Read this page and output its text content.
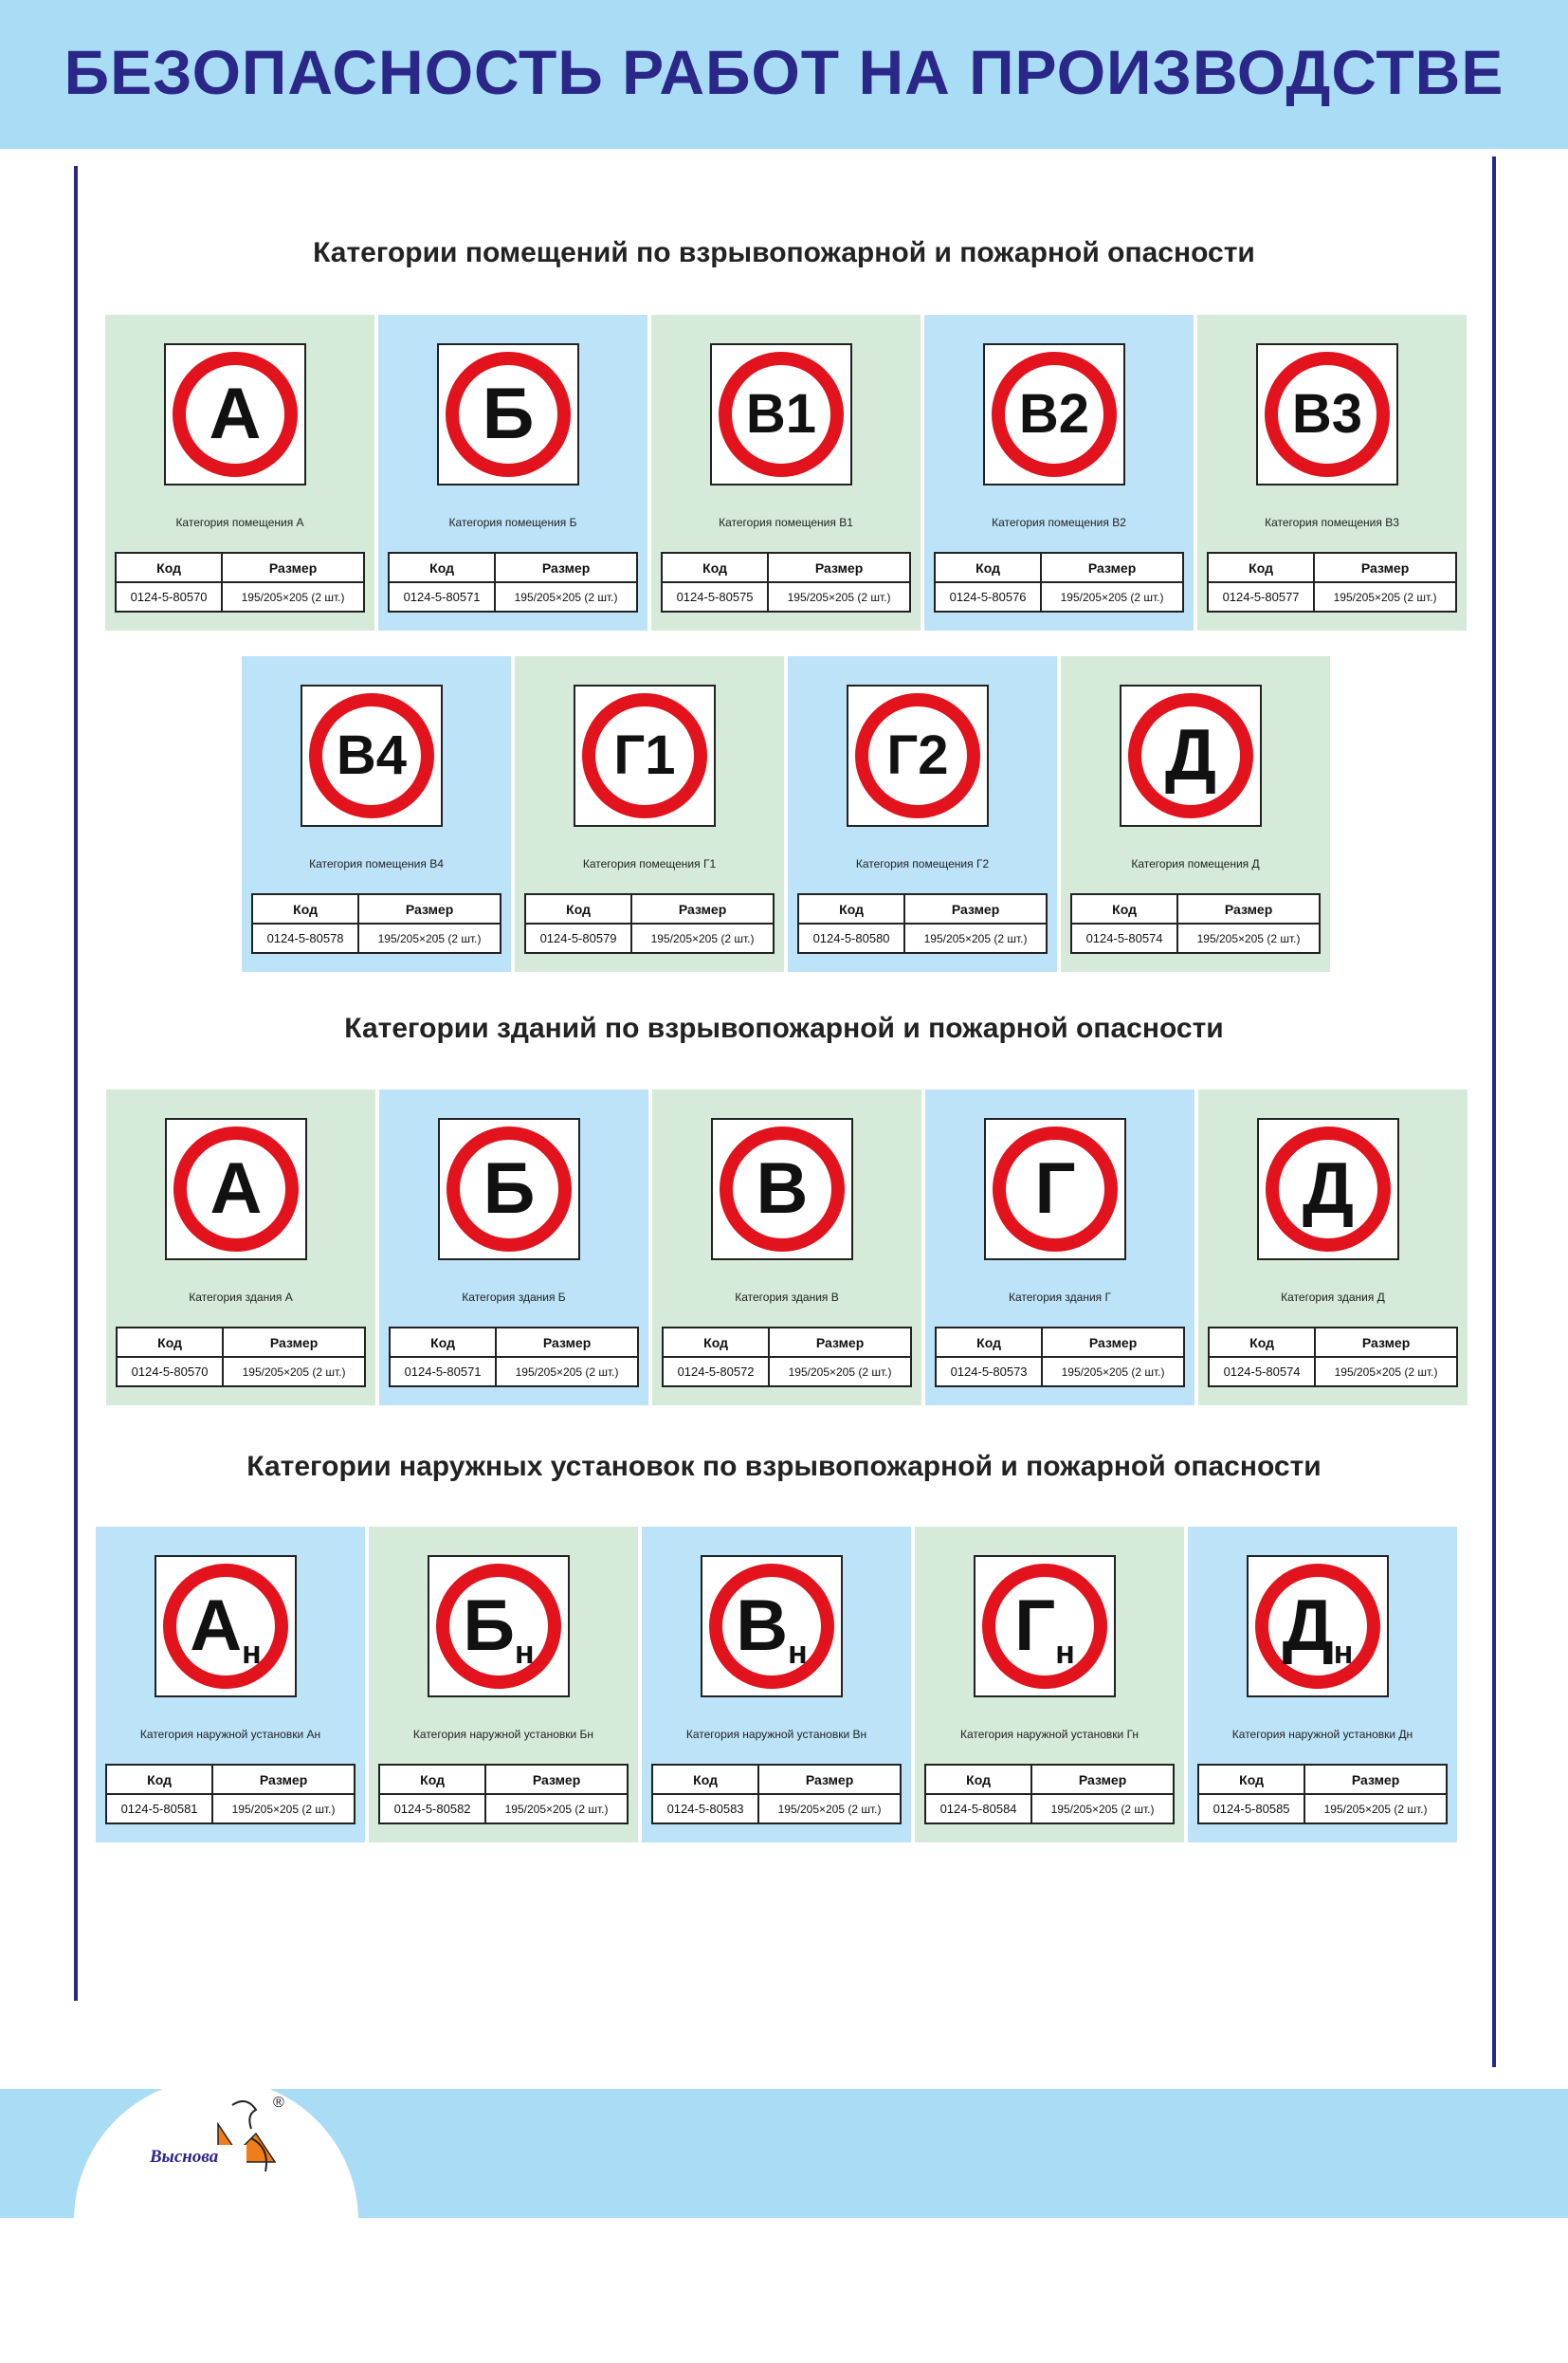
БЕЗОПАСНОСТЬ РАБОТ НА ПРОИЗВОДСТВЕ
Категории помещений по взрывопожарной и пожарной опасности
А
Категория помещения А
Код	Размер
0124-5-80570	195/205×205 (2 шт.)
Б
Категория помещения Б
Код	Размер
0124-5-80571	195/205×205 (2 шт.)
В1
Категория помещения В1
Код	Размер
0124-5-80575	195/205×205 (2 шт.)
В2
Категория помещения В2
Код	Размер
0124-5-80576	195/205×205 (2 шт.)
В3
Категория помещения В3
Код	Размер
0124-5-80577	195/205×205 (2 шт.)
В4
Категория помещения В4
Код	Размер
0124-5-80578	195/205×205 (2 шт.)
Г1
Категория помещения Г1
Код	Размер
0124-5-80579	195/205×205 (2 шт.)
Г2
Категория помещения Г2
Код	Размер
0124-5-80580	195/205×205 (2 шт.)
Д
Категория помещения Д
Код	Размер
0124-5-80574	195/205×205 (2 шт.)
Категории зданий по взрывопожарной и пожарной опасности
А
Категория здания А
Код	Размер
0124-5-80570	195/205×205 (2 шт.)
Б
Категория здания Б
Код	Размер
0124-5-80571	195/205×205 (2 шт.)
В
Категория здания В
Код	Размер
0124-5-80572	195/205×205 (2 шт.)
Г
Категория здания Г
Код	Размер
0124-5-80573	195/205×205 (2 шт.)
Д
Категория здания Д
Код	Размер
0124-5-80574	195/205×205 (2 шт.)
Категории наружных установок по взрывопожарной и пожарной опасности
Ан
Категория наружной установки Ан
Код	Размер
0124-5-80581	195/205×205 (2 шт.)
Бн
Категория наружной установки Бн
Код	Размер
0124-5-80582	195/205×205 (2 шт.)
Вн
Категория наружной установки Вн
Код	Размер
0124-5-80583	195/205×205 (2 шт.)
Гн
Категория наружной установки Гн
Код	Размер
0124-5-80584	195/205×205 (2 шт.)
Дн
Категория наружной установки Дн
Код	Размер
0124-5-80585	195/205×205 (2 шт.)
Выснова
®
